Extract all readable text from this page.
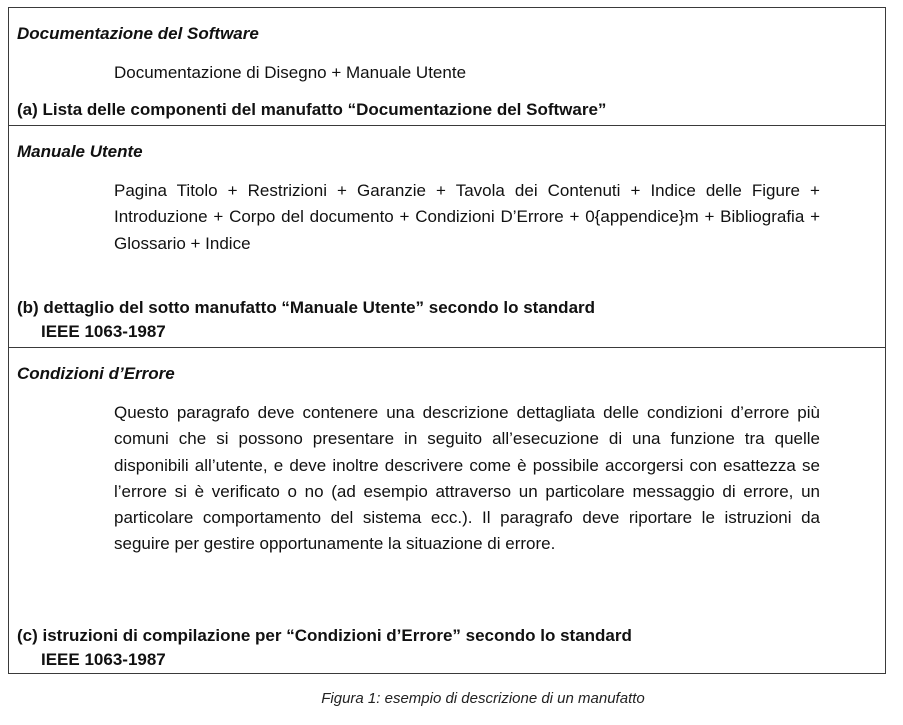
Documentazione del Software
Documentazione di Disegno + Manuale Utente
(a) Lista delle componenti del manufatto “Documentazione del Software”
Manuale Utente
Pagina Titolo + Restrizioni + Garanzie + Tavola dei Contenuti + Indice delle Figure + Introduzione + Corpo del documento + Condizioni D’Errore + 0{appendice}m + Bibliografia + Glossario + Indice
(b) dettaglio del sotto manufatto “Manuale Utente” secondo lo standard
IEEE 1063-1987
Condizioni d’Errore
Questo paragrafo deve contenere una descrizione dettagliata delle condizioni d’errore più comuni che si possono presentare in seguito all’esecuzione di una funzione tra quelle disponibili all’utente, e deve inoltre descrivere come è possibile accorgersi con esattezza se l’errore si è verificato o no (ad esempio attraverso un particolare messaggio di errore, un particolare comportamento del sistema ecc.). Il paragrafo deve riportare le istruzioni da seguire per gestire opportunamente la situazione di errore.
(c) istruzioni di compilazione per “Condizioni d’Errore” secondo lo standard
IEEE 1063-1987
Figura 1: esempio di descrizione di un manufatto
